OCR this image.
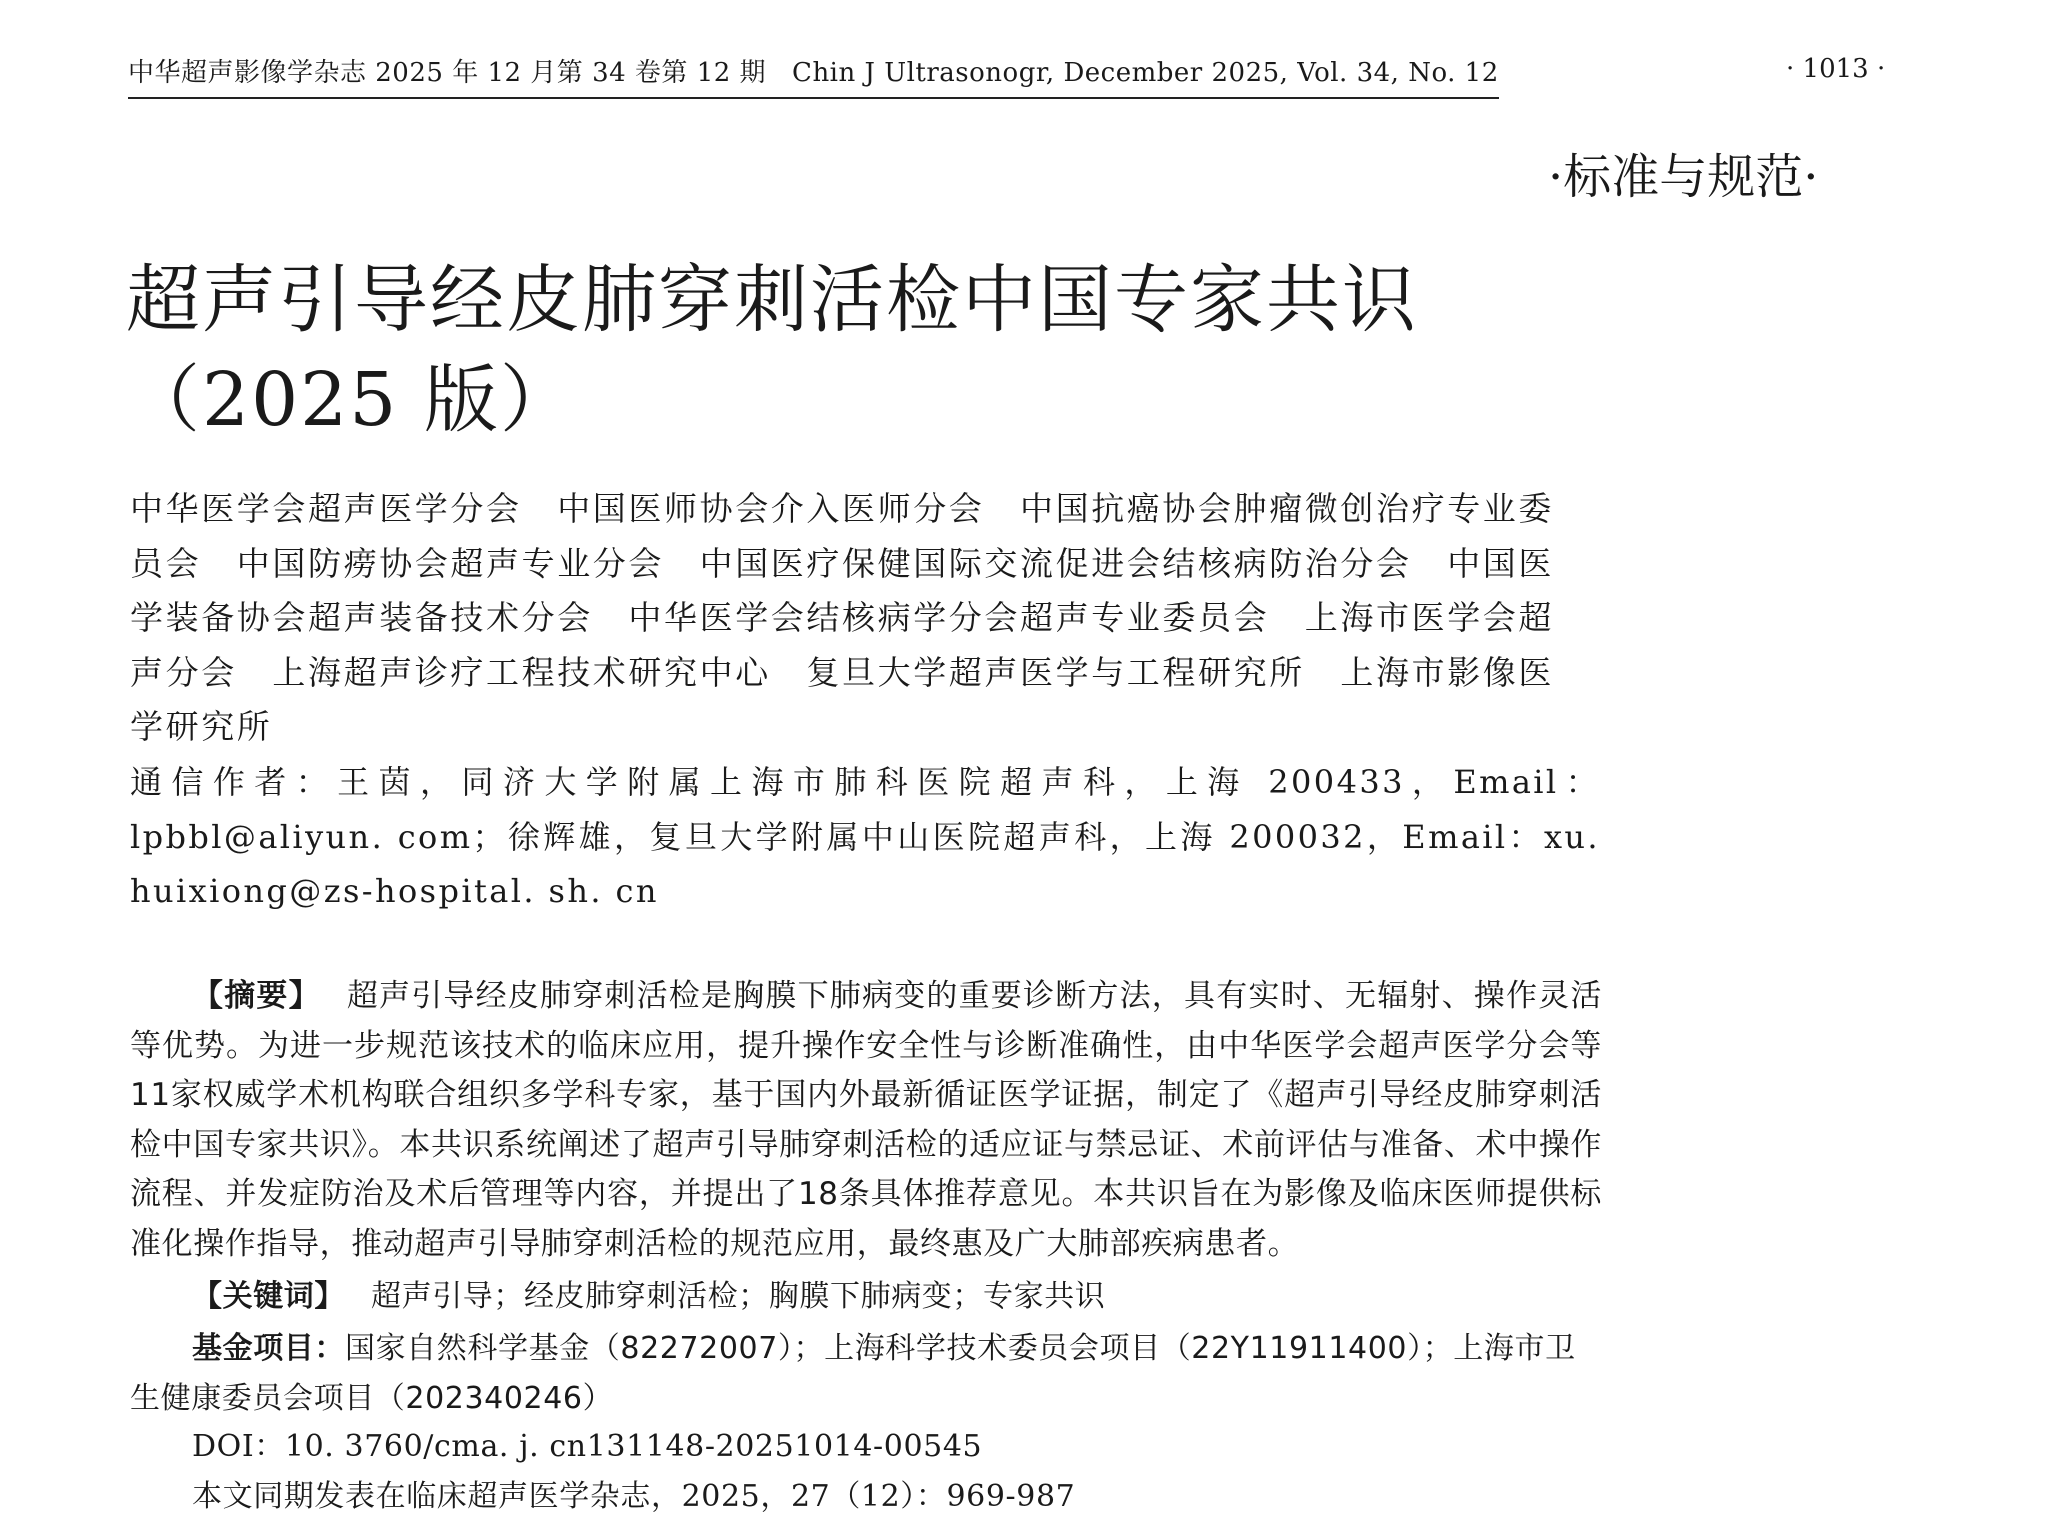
中华超声影像学杂志 2025 年 12 月第 34 卷第 12 期 Chin J Ultrasonogr, December 2025, Vol. 34, No. 12	· 1013 ·
·标准与规范·
超声引导经皮肺穿刺活检中国专家共识
（2025 版）
中华医学会超声医学分会　中国医师协会介入医师分会　中国抗癌协会肿瘤微创治疗专业委员会　中国防痨协会超声专业分会　中国医疗保健国际交流促进会结核病防治分会　中国医学装备协会超声装备技术分会　中华医学会结核病学分会超声专业委员会　上海市医学会超声分会　上海超声诊疗工程技术研究中心　复旦大学超声医学与工程研究所　上海市影像医学研究所
通信作者：王茵，同济大学附属上海市肺科医院超声科，上海 200433，Email：lpbbl@aliyun. com；徐辉雄，复旦大学附属中山医院超声科，上海 200032，Email：xu. huixiong@zs-hospital. sh. cn
【摘要】 超声引导经皮肺穿刺活检是胸膜下肺病变的重要诊断方法，具有实时、无辐射、操作灵活等优势。为进一步规范该技术的临床应用，提升操作安全性与诊断准确性，由中华医学会超声医学分会等11家权威学术机构联合组织多学科专家，基于国内外最新循证医学证据，制定了《超声引导经皮肺穿刺活检中国专家共识》。本共识系统阐述了超声引导肺穿刺活检的适应证与禁忌证、术前评估与准备、术中操作流程、并发症防治及术后管理等内容，并提出了18条具体推荐意见。本共识旨在为影像及临床医师提供标准化操作指导，推动超声引导肺穿刺活检的规范应用，最终惠及广大肺部疾病患者。
【关键词】 超声引导；经皮肺穿刺活检；胸膜下肺病变；专家共识
基金项目：国家自然科学基金（82272007）；上海科学技术委员会项目（22Y11911400）；上海市卫生健康委员会项目（202340246）
DOI：10. 3760/cma. j. cn131148-20251014-00545
本文同期发表在临床超声医学杂志，2025，27（12）：969-987
